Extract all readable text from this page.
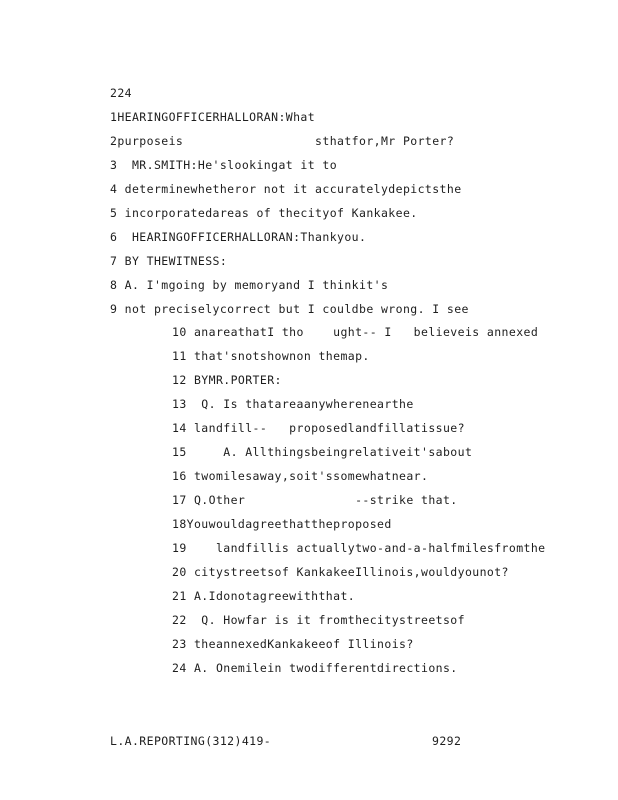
224
1HEARINGOFFICERHALLORAN:What
2purposeis                  sthatfor,Mr Porter?
3  MR.SMITH:He'slookingat it to
4 determinewhetheror not it accuratelydepictsthe
5 incorporatedareas of thecityof Kankakee.
6  HEARINGOFFICERHALLORAN:Thankyou.
7 BY THEWITNESS:
8 A. I'mgoing by memoryand I thinkit's
9 not preciselycorrect but I couldbe wrong. I see
10 anareathatI tho    ught-- I   believeis annexed
11 that'snotshownon themap.
12 BYMR.PORTER:
13  Q. Is thatareaanywherenearthe
14 landfill--   proposedlandfillatissue?
15     A. Allthingsbeingrelativeit'sabout
16 twomilesaway,soit'ssomewhatnear.
17 Q.Other               --strike that.
18Youwouldagreethattheproposed
19    landfillis actuallytwo-and-a-halfmilesfromthe
20 citystreetsof KankakeeIllinois,wouldyounot?
21 A.Idonotagreewiththat.
22  Q. Howfar is it fromthecitystreetsof
23 theannexedKankakeeof Illinois?
24 A. Onemilein twodifferentdirections.
L.A.REPORTING(312)419-	9292
